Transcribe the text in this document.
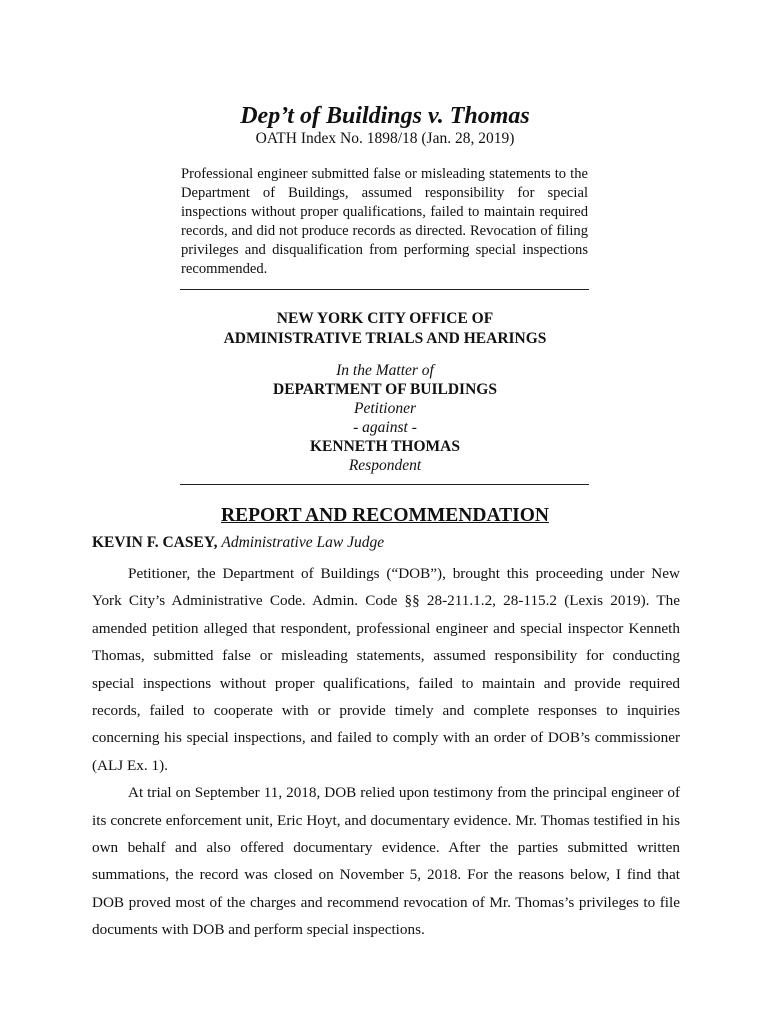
Dep’t of Buildings v. Thomas
OATH Index No. 1898/18 (Jan. 28, 2019)
Professional engineer submitted false or misleading statements to the Department of Buildings, assumed responsibility for special inspections without proper qualifications, failed to maintain required records, and did not produce records as directed. Revocation of filing privileges and disqualification from performing special inspections recommended.
NEW YORK CITY OFFICE OF
ADMINISTRATIVE TRIALS AND HEARINGS
In the Matter of
DEPARTMENT OF BUILDINGS
Petitioner
- against -
KENNETH THOMAS
Respondent
REPORT AND RECOMMENDATION
KEVIN F. CASEY, Administrative Law Judge

Petitioner, the Department of Buildings (“DOB”), brought this proceeding under New York City’s Administrative Code. Admin. Code §§ 28-211.1.2, 28-115.2 (Lexis 2019). The amended petition alleged that respondent, professional engineer and special inspector Kenneth Thomas, submitted false or misleading statements, assumed responsibility for conducting special inspections without proper qualifications, failed to maintain and provide required records, failed to cooperate with or provide timely and complete responses to inquiries concerning his special inspections, and failed to comply with an order of DOB’s commissioner (ALJ Ex. 1).

At trial on September 11, 2018, DOB relied upon testimony from the principal engineer of its concrete enforcement unit, Eric Hoyt, and documentary evidence. Mr. Thomas testified in his own behalf and also offered documentary evidence. After the parties submitted written summations, the record was closed on November 5, 2018. For the reasons below, I find that DOB proved most of the charges and recommend revocation of Mr. Thomas’s privileges to file documents with DOB and perform special inspections.
